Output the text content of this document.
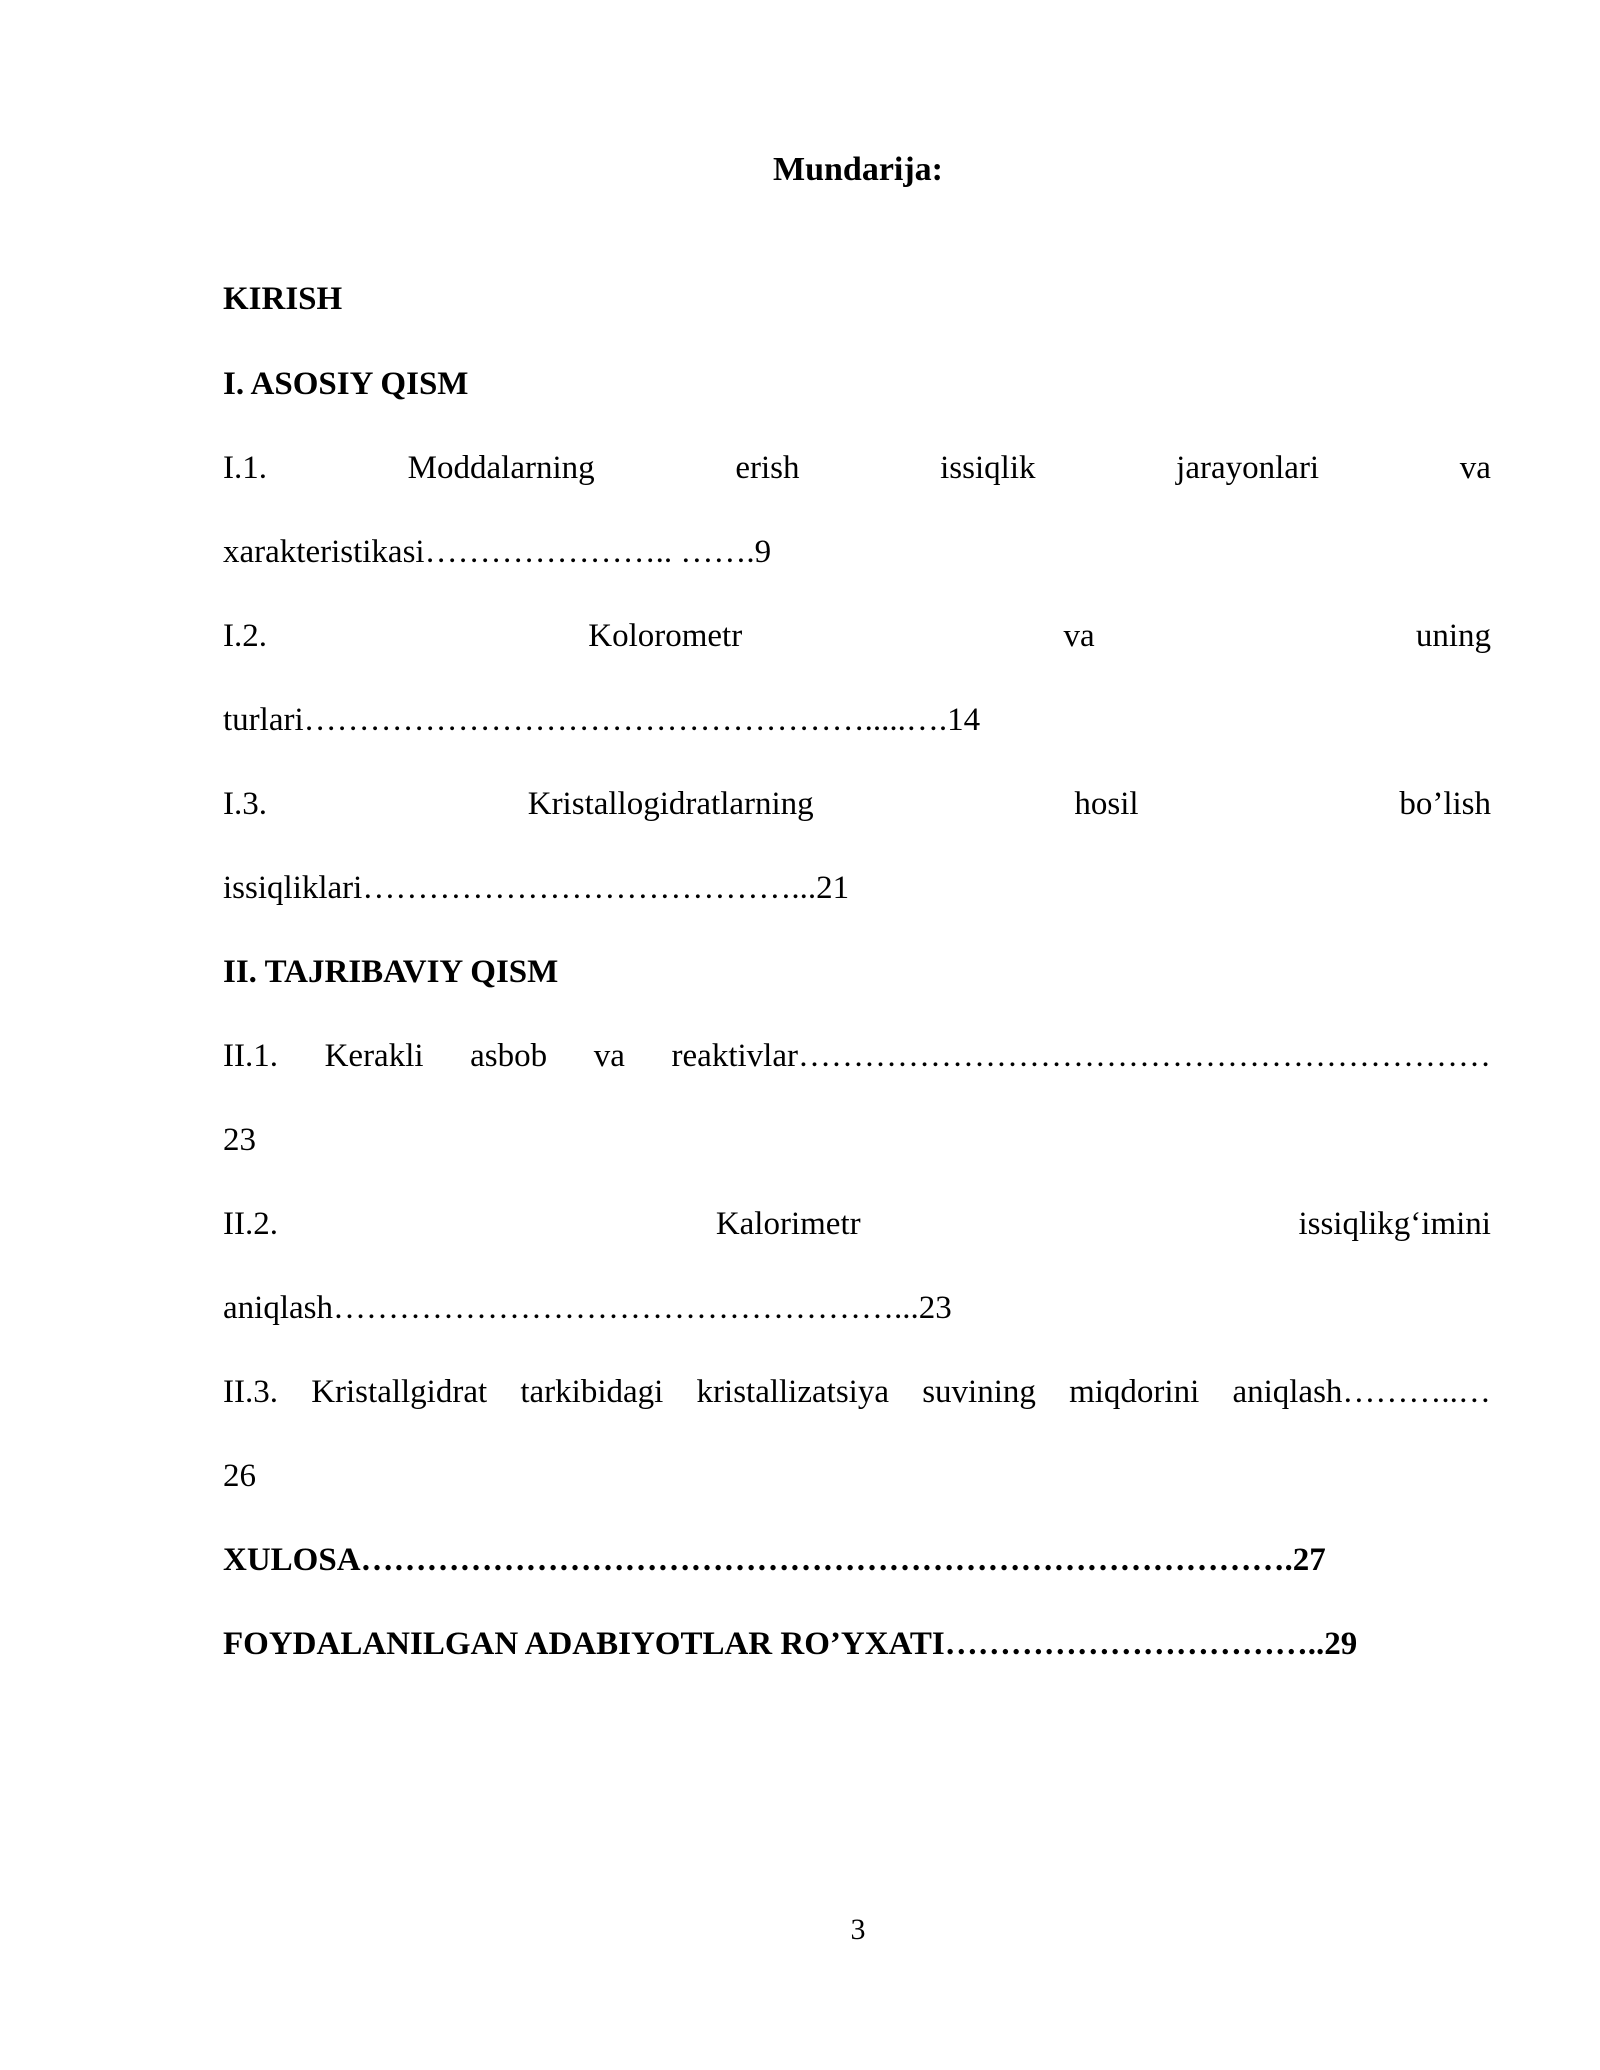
Mundarija:
KIRISH
I. ASOSIY QISM
I.1.	Moddalarning	erish	issiqlik	jarayonlari	va
xarakteristikasi………………….. …….9
I.2.	Kolorometr	va	uning
turlari…………………………………………….....….14
I.3.	Kristallogidratlarning	hosil	bo’lish
issiqliklari…………………………………...21
II. TAJRIBAVIY QISM
II.1. Kerakli asbob va reaktivlar………………………………………………………
23
II.2.	Kalorimetr	issiqlikg‘imini
aniqlash……………………………………………...23
II.3. Kristallgidrat tarkibidagi kristallizatsiya suvining miqdorini aniqlash………..…
26
XULOSA………………………………………………………………………….27
FOYDALANILGAN ADABIYOTLAR RO’YXATI……………………………..29
3
